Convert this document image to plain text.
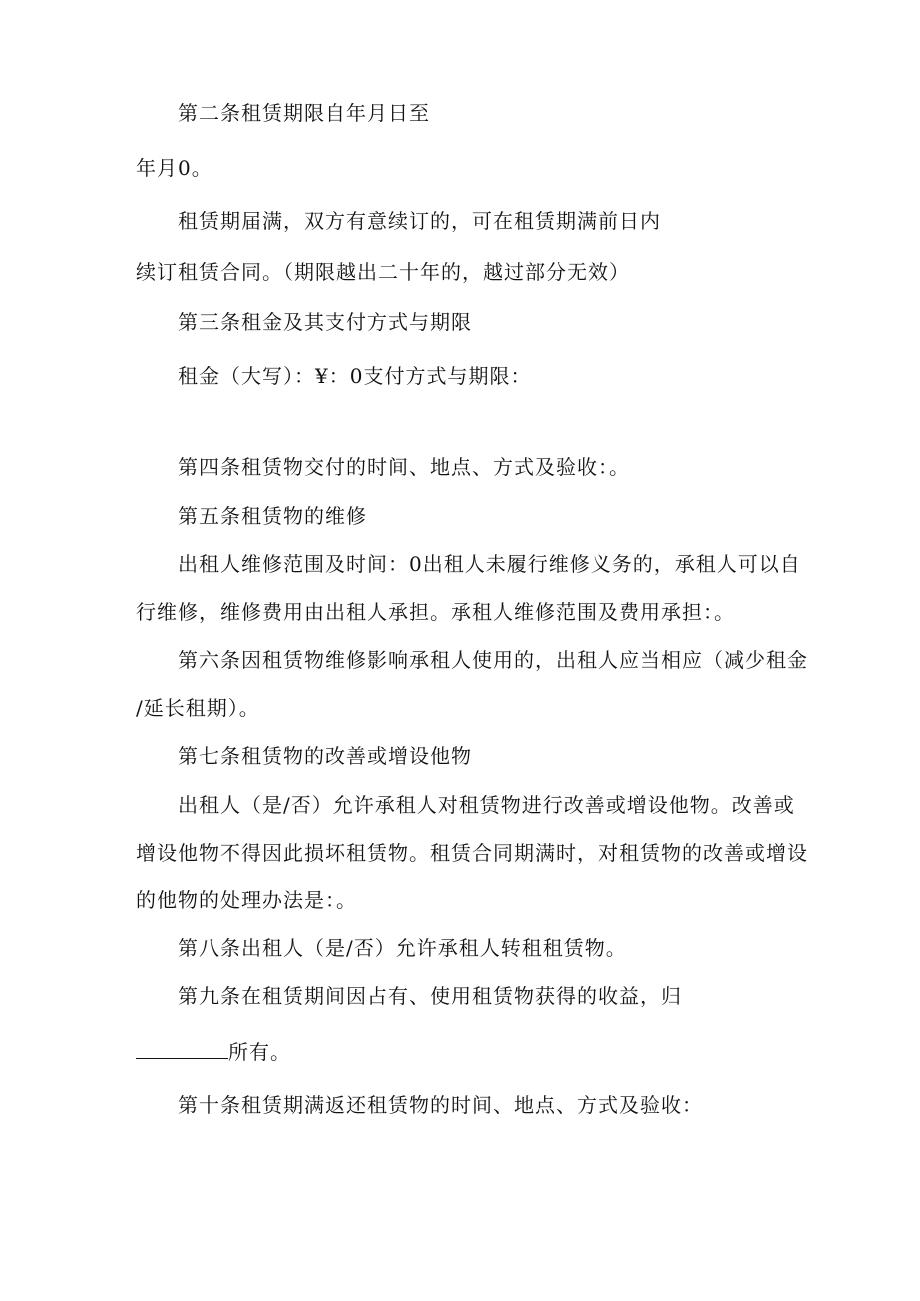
第二条租赁期限自年月日至
年月0。
租赁期届满，双方有意续订的，可在租赁期满前日内
续订租赁合同。（期限越出二十年的，越过部分无效）
第三条租金及其支付方式与期限
租金（大写）：¥：0支付方式与期限：
第四条租赁物交付的时间、地点、方式及验收：。
第五条租赁物的维修
出租人维修范围及时间：0出租人未履行维修义务的，承租人可以自
行维修，维修费用由出租人承担。承租人维修范围及费用承担：。
第六条因租赁物维修影响承租人使用的，出租人应当相应（减少租金
/延长租期）。
第七条租赁物的改善或增设他物
出租人（是/否）允许承租人对租赁物进行改善或增设他物。改善或
增设他物不得因此损坏租赁物。租赁合同期满时，对租赁物的改善或增设
的他物的处理办法是：。
第八条出租人（是/否）允许承租人转租租赁物。
第九条在租赁期间因占有、使用租赁物获得的收益，归
所有。
第十条租赁期满返还租赁物的时间、地点、方式及验收：
